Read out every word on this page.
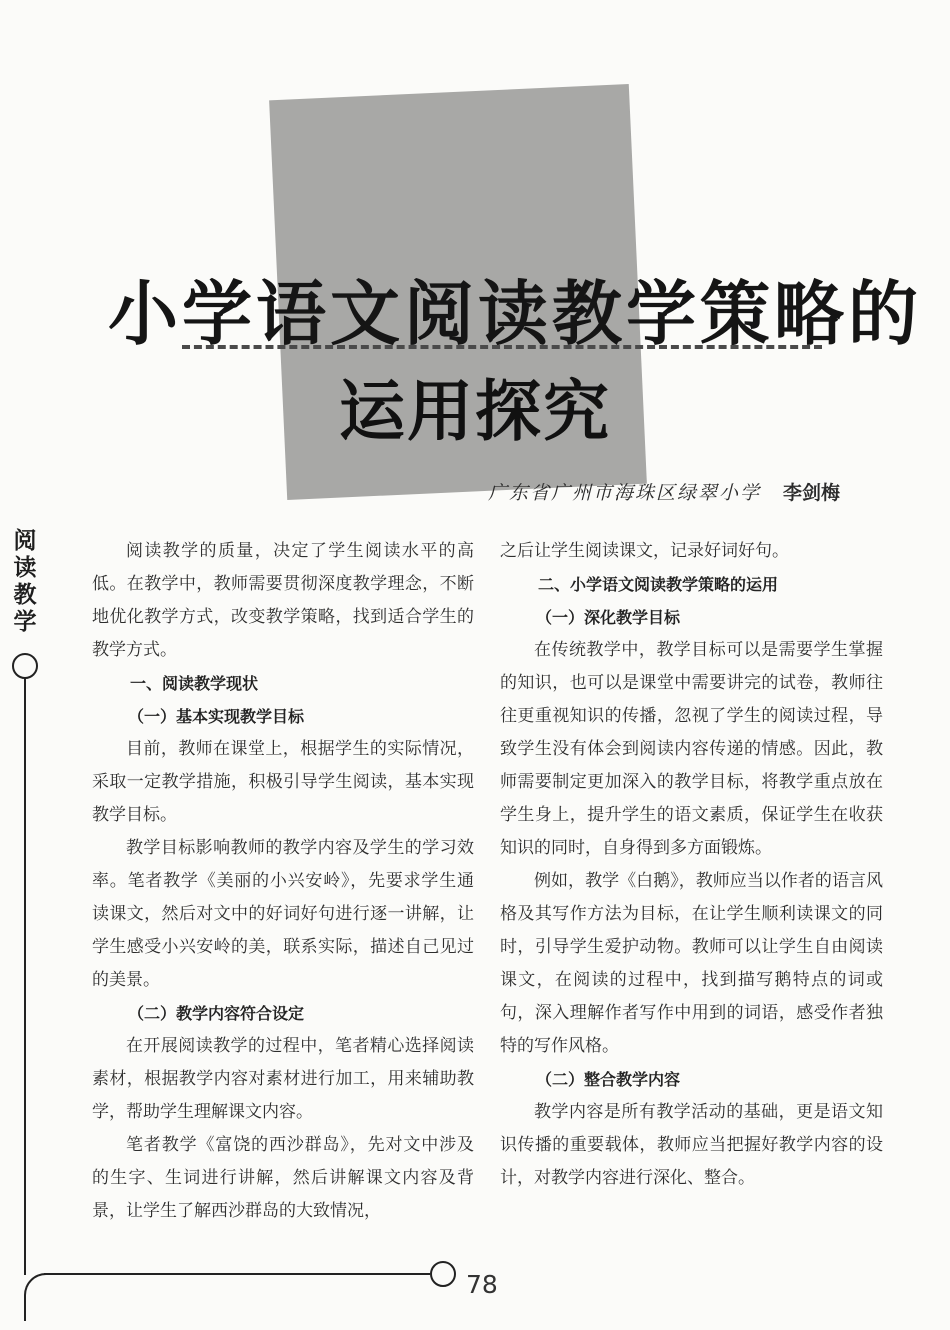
小学语文阅读教学策略的
运用探究
广东省广州市海珠区绿翠小学 李剑梅
阅读教学
78

阅读教学的质量，决定了学生阅读水平的高低。在教学中，教师需要贯彻深度教学理念，不断地优化教学方式，改变教学策略，找到适合学生的教学方式。

一、阅读教学现状
（一）基本实现教学目标

目前，教师在课堂上，根据学生的实际情况，采取一定教学措施，积极引导学生阅读，基本实现教学目标。

教学目标影响教师的教学内容及学生的学习效率。笔者教学《美丽的小兴安岭》，先要求学生通读课文，然后对文中的好词好句进行逐一讲解，让学生感受小兴安岭的美，联系实际，描述自己见过的美景。

（二）教学内容符合设定

在开展阅读教学的过程中，笔者精心选择阅读素材，根据教学内容对素材进行加工，用来辅助教学，帮助学生理解课文内容。

笔者教学《富饶的西沙群岛》，先对文中涉及的生字、生词进行讲解，然后讲解课文内容及背景，让学生了解西沙群岛的大致情况，

之后让学生阅读课文，记录好词好句。

二、小学语文阅读教学策略的运用
（一）深化教学目标

在传统教学中，教学目标可以是需要学生掌握的知识，也可以是课堂中需要讲完的试卷，教师往往更重视知识的传播，忽视了学生的阅读过程，导致学生没有体会到阅读内容传递的情感。因此，教师需要制定更加深入的教学目标，将教学重点放在学生身上，提升学生的语文素质，保证学生在收获知识的同时，自身得到多方面锻炼。

例如，教学《白鹅》，教师应当以作者的语言风格及其写作方法为目标，在让学生顺利读课文的同时，引导学生爱护动物。教师可以让学生自由阅读课文，在阅读的过程中，找到描写鹅特点的词或句，深入理解作者写作中用到的词语，感受作者独特的写作风格。

（二）整合教学内容

教学内容是所有教学活动的基础，更是语文知识传播的重要载体，教师应当把握好教学内容的设计，对教学内容进行深化、整合。
